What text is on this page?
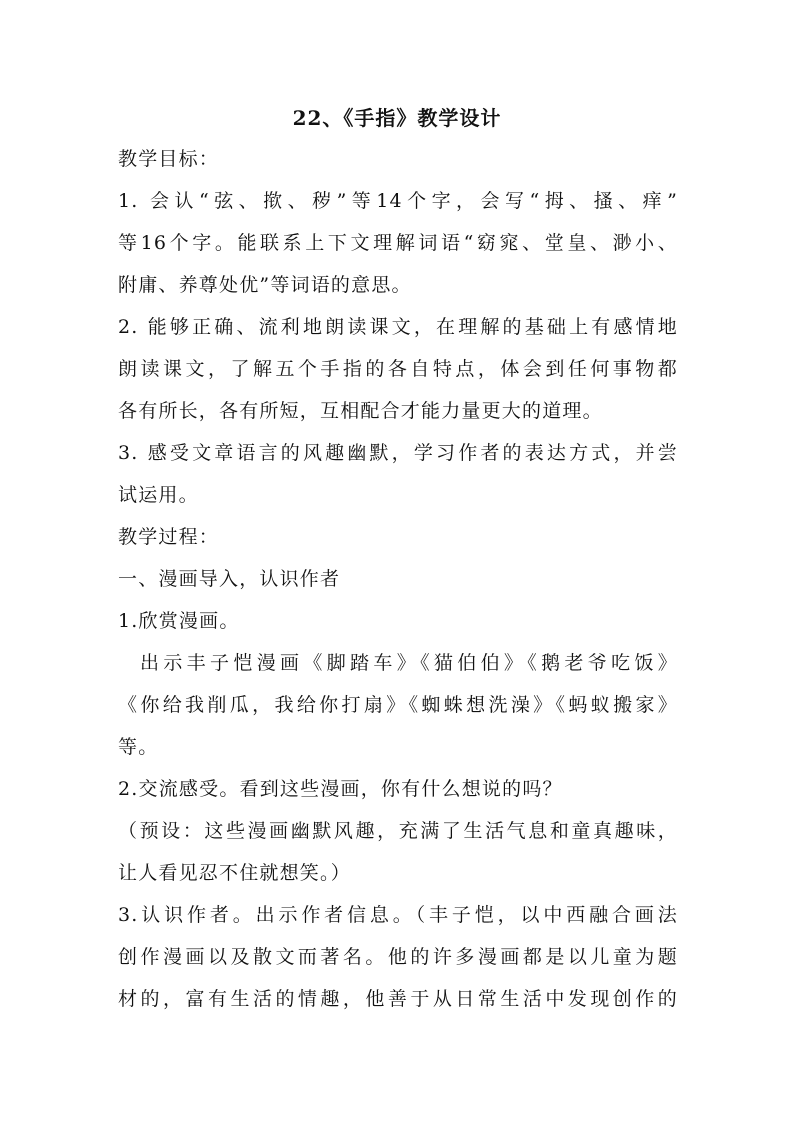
22、《手指》教学设计
教学目标：
1. 会认“弦、揿、秽”等14个字，会写“拇、搔、痒”
等16个字。能联系上下文理解词语“窈窕、堂皇、渺小、
附庸、养尊处优”等词语的意思。
2. 能够正确、流利地朗读课文，在理解的基础上有感情地
朗读课文，了解五个手指的各自特点，体会到任何事物都
各有所长，各有所短，互相配合才能力量更大的道理。
3. 感受文章语言的风趣幽默，学习作者的表达方式，并尝
试运用。
教学过程：
一、漫画导入，认识作者
1.欣赏漫画。
出示丰子恺漫画《脚踏车》《猫伯伯》《鹅老爷吃饭》
《你给我削瓜，我给你打扇》《蜘蛛想洗澡》《蚂蚁搬家》
等。
2.交流感受。看到这些漫画，你有什么想说的吗？
（预设：这些漫画幽默风趣，充满了生活气息和童真趣味，
让人看见忍不住就想笑。）
3.认识作者。出示作者信息。（丰子恺，以中西融合画法
创作漫画以及散文而著名。他的许多漫画都是以儿童为题
材的，富有生活的情趣，他善于从日常生活中发现创作的
